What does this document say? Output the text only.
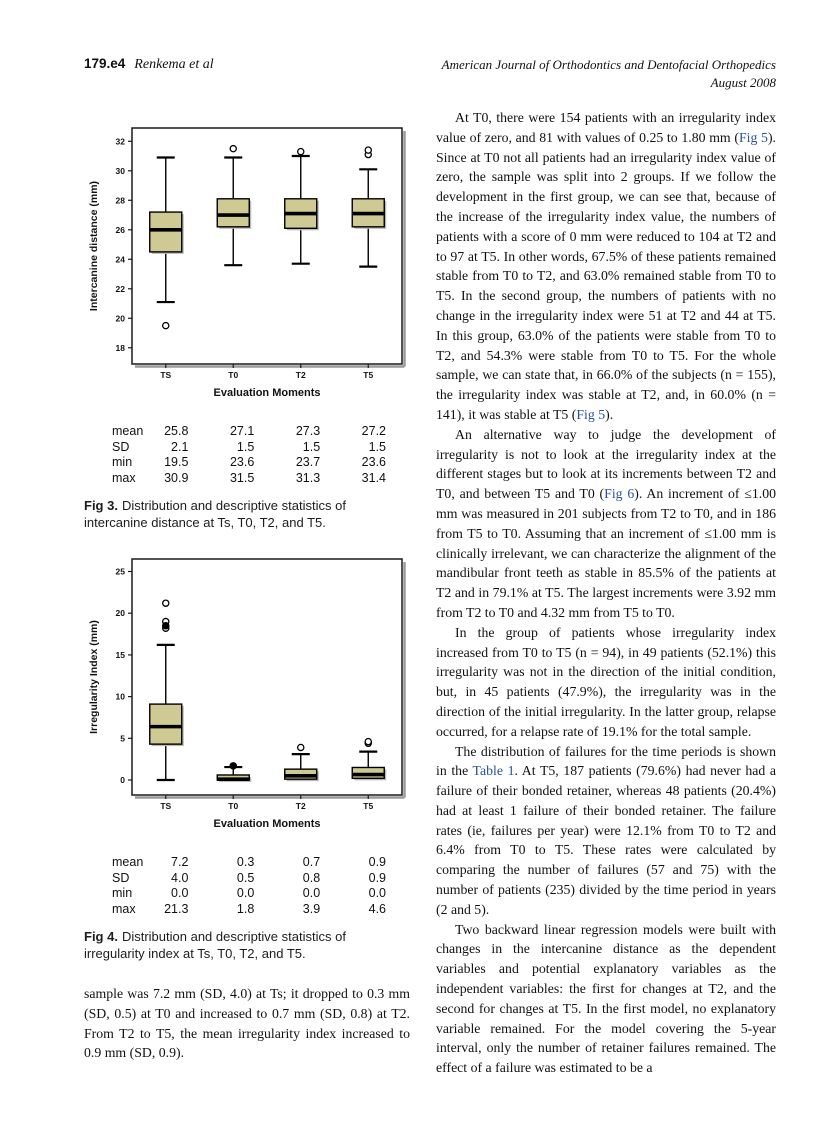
179.e4 Renkema et al	American Journal of Orthodontics and Dentofacial Orthopedics
August 2008
18
20
22
24
26
28
30
32
Intercanine distance (mm)
TS	T0	T2	T5
Evaluation Moments
mean	25.8	27.1	27.3	27.2
SD	2.1	1.5	1.5	1.5
min	19.5	23.6	23.7	23.6
max	30.9	31.5	31.3	31.4

Fig 3. Distribution and descriptive statistics of intercanine distance at Ts, T0, T2, and T5.

0
5
10
15
20
25
Irregularity Index (mm)
TS	T0	T2	T5
Evaluation Moments
mean	7.2	0.3	0.7	0.9
SD	4.0	0.5	0.8	0.9
min	0.0	0.0	0.0	0.0
max	21.3	1.8	3.9	4.6

Fig 4. Distribution and descriptive statistics of irregularity index at Ts, T0, T2, and T5.

sample was 7.2 mm (SD, 4.0) at Ts; it dropped to 0.3 mm (SD, 0.5) at T0 and increased to 0.7 mm (SD, 0.8) at T2. From T2 to T5, the mean irregularity index increased to 0.9 mm (SD, 0.9).

At T0, there were 154 patients with an irregularity index value of zero, and 81 with values of 0.25 to 1.80 mm (Fig 5). Since at T0 not all patients had an irregularity index value of zero, the sample was split into 2 groups. If we follow the development in the first group, we can see that, because of the increase of the irregularity index value, the numbers of patients with a score of 0 mm were reduced to 104 at T2 and to 97 at T5. In other words, 67.5% of these patients remained stable from T0 to T2, and 63.0% remained stable from T0 to T5. In the second group, the numbers of patients with no change in the irregularity index were 51 at T2 and 44 at T5. In this group, 63.0% of the patients were stable from T0 to T2, and 54.3% were stable from T0 to T5. For the whole sample, we can state that, in 66.0% of the subjects (n = 155), the irregularity index was stable at T2, and, in 60.0% (n = 141), it was stable at T5 (Fig 5).

An alternative way to judge the development of irregularity is not to look at the irregularity index at the different stages but to look at its increments between T2 and T0, and between T5 and T0 (Fig 6). An increment of ≤1.00 mm was measured in 201 subjects from T2 to T0, and in 186 from T5 to T0. Assuming that an increment of ≤1.00 mm is clinically irrelevant, we can characterize the alignment of the mandibular front teeth as stable in 85.5% of the patients at T2 and in 79.1% at T5. The largest increments were 3.92 mm from T2 to T0 and 4.32 mm from T5 to T0.

In the group of patients whose irregularity index increased from T0 to T5 (n = 94), in 49 patients (52.1%) this irregularity was not in the direction of the initial condition, but, in 45 patients (47.9%), the irregularity was in the direction of the initial irregularity. In the latter group, relapse occurred, for a relapse rate of 19.1% for the total sample.

The distribution of failures for the time periods is shown in the Table 1. At T5, 187 patients (79.6%) had never had a failure of their bonded retainer, whereas 48 patients (20.4%) had at least 1 failure of their bonded retainer. The failure rates (ie, failures per year) were 12.1% from T0 to T2 and 6.4% from T0 to T5. These rates were calculated by comparing the number of failures (57 and 75) with the number of patients (235) divided by the time period in years (2 and 5).

Two backward linear regression models were built with changes in the intercanine distance as the dependent variables and potential explanatory variables as the independent variables: the first for changes at T2, and the second for changes at T5. In the first model, no explanatory variable remained. For the model covering the 5-year interval, only the number of retainer failures remained. The effect of a failure was estimated to be a
